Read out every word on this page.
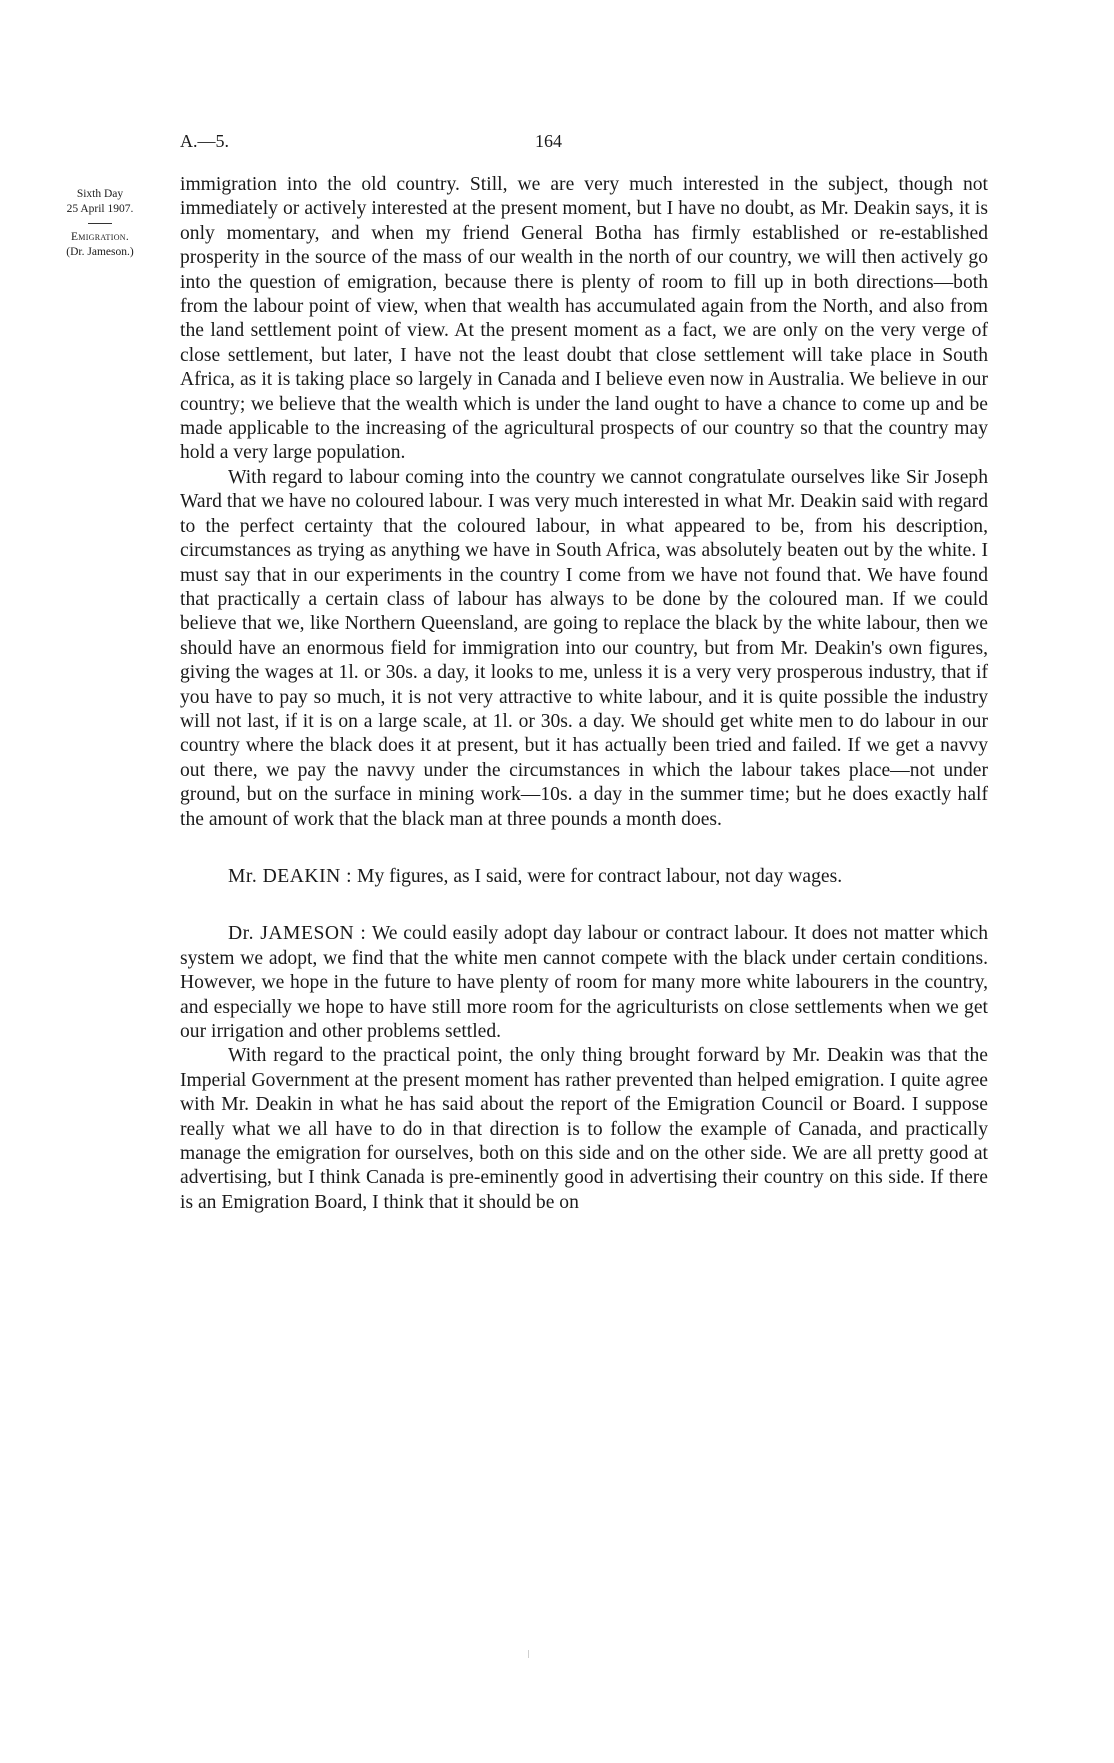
A.—5.	164
Sixth Day
25 April 1907.
Emigration.
(Dr. Jameson.)

immigration into the old country. Still, we are very much interested in the subject, though not immediately or actively interested at the present moment, but I have no doubt, as Mr. Deakin says, it is only momentary, and when my friend General Botha has firmly established or re-established prosperity in the source of the mass of our wealth in the north of our country, we will then actively go into the question of emigration, because there is plenty of room to fill up in both directions—both from the labour point of view, when that wealth has accumulated again from the North, and also from the land settlement point of view. At the present moment as a fact, we are only on the very verge of close settlement, but later, I have not the least doubt that close settlement will take place in South Africa, as it is taking place so largely in Canada and I believe even now in Australia. We believe in our country; we believe that the wealth which is under the land ought to have a chance to come up and be made applicable to the increasing of the agricultural prospects of our country so that the country may hold a very large population.

With regard to labour coming into the country we cannot congratulate ourselves like Sir Joseph Ward that we have no coloured labour. I was very much interested in what Mr. Deakin said with regard to the perfect certainty that the coloured labour, in what appeared to be, from his description, circumstances as trying as anything we have in South Africa, was absolutely beaten out by the white. I must say that in our experiments in the country I come from we have not found that. We have found that practically a certain class of labour has always to be done by the coloured man. If we could believe that we, like Northern Queensland, are going to replace the black by the white labour, then we should have an enormous field for immigration into our country, but from Mr. Deakin's own figures, giving the wages at 1l. or 30s. a day, it looks to me, unless it is a very very prosperous industry, that if you have to pay so much, it is not very attractive to white labour, and it is quite possible the industry will not last, if it is on a large scale, at 1l. or 30s. a day. We should get white men to do labour in our country where the black does it at present, but it has actually been tried and failed. If we get a navvy out there, we pay the navvy under the circumstances in which the labour takes place—not under ground, but on the surface in mining work—10s. a day in the summer time; but he does exactly half the amount of work that the black man at three pounds a month does.

Mr. DEAKIN : My figures, as I said, were for contract labour, not day wages.

Dr. JAMESON : We could easily adopt day labour or contract labour. It does not matter which system we adopt, we find that the white men cannot compete with the black under certain conditions. However, we hope in the future to have plenty of room for many more white labourers in the country, and especially we hope to have still more room for the agriculturists on close settlements when we get our irrigation and other problems settled.

With regard to the practical point, the only thing brought forward by Mr. Deakin was that the Imperial Government at the present moment has rather prevented than helped emigration. I quite agree with Mr. Deakin in what he has said about the report of the Emigration Council or Board. I suppose really what we all have to do in that direction is to follow the example of Canada, and practically manage the emigration for ourselves, both on this side and on the other side. We are all pretty good at advertising, but I think Canada is pre-eminently good in advertising their country on this side. If there is an Emigration Board, I think that it should be on
